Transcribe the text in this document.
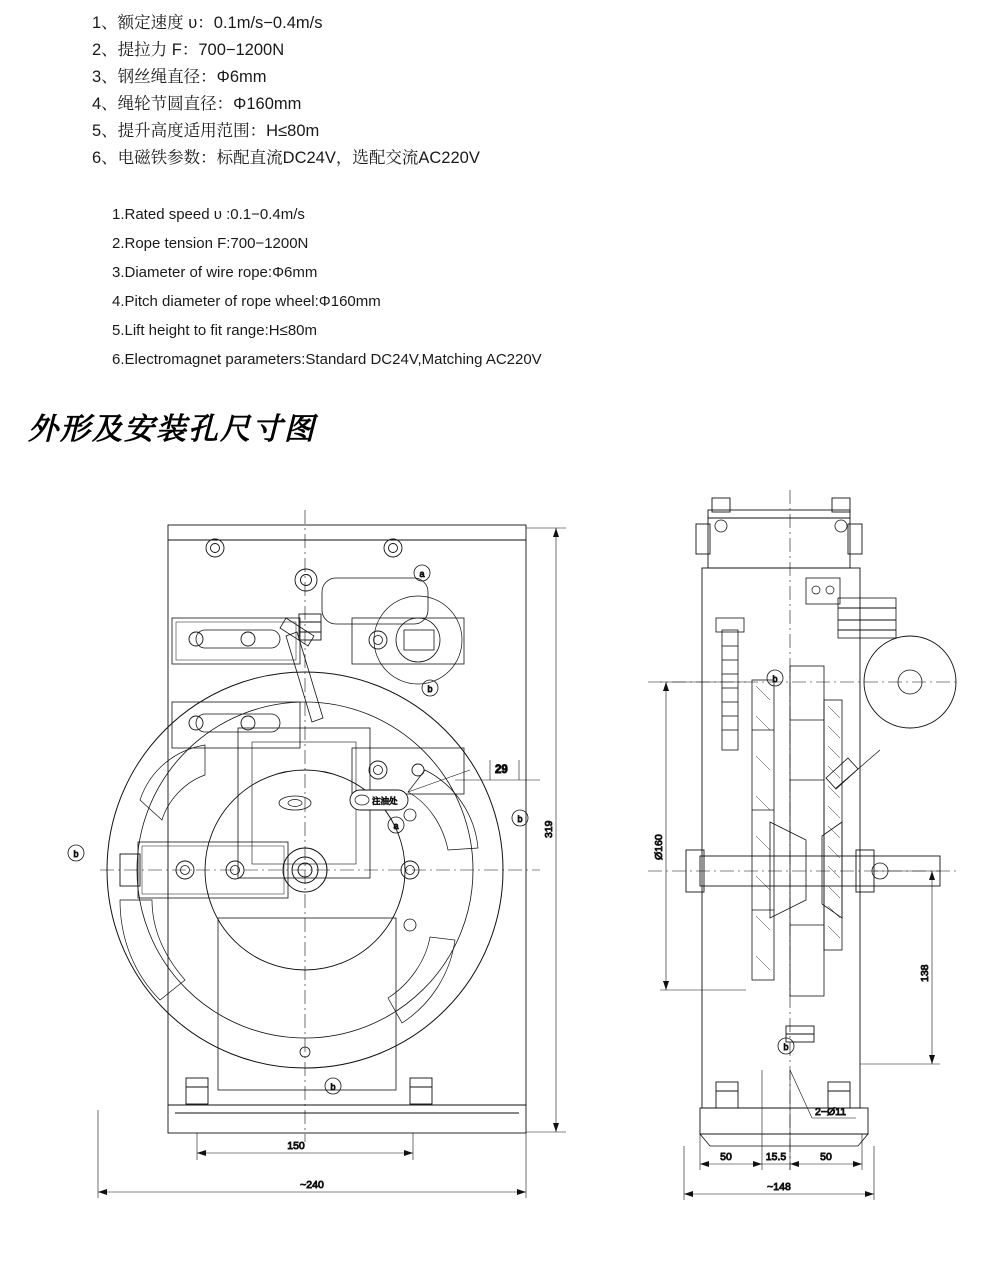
1、额定速度 υ：0.1m/s−0.4m/s
2、提拉力 F：700−1200N
3、钢丝绳直径：Φ6mm
4、绳轮节圆直径：Φ160mm
5、提升高度适用范围：H≤80m
6、电磁铁参数：标配直流DC24V，选配交流AC220V
1.Rated speed υ :0.1−0.4m/s
2.Rope tension F:700−1200N
3.Diameter of wire rope:Φ6mm
4.Pitch diameter of rope wheel:Φ160mm
5.Lift height to fit range:H≤80m
6.Electromagnet parameters:Standard DC24V,Matching AC220V
外形及安装孔尺寸图
注油处
319
29
150
~240
a
b
a
b
b
b
2−Ø11
Ø160
138
50	15.5	50
~148
b
b
